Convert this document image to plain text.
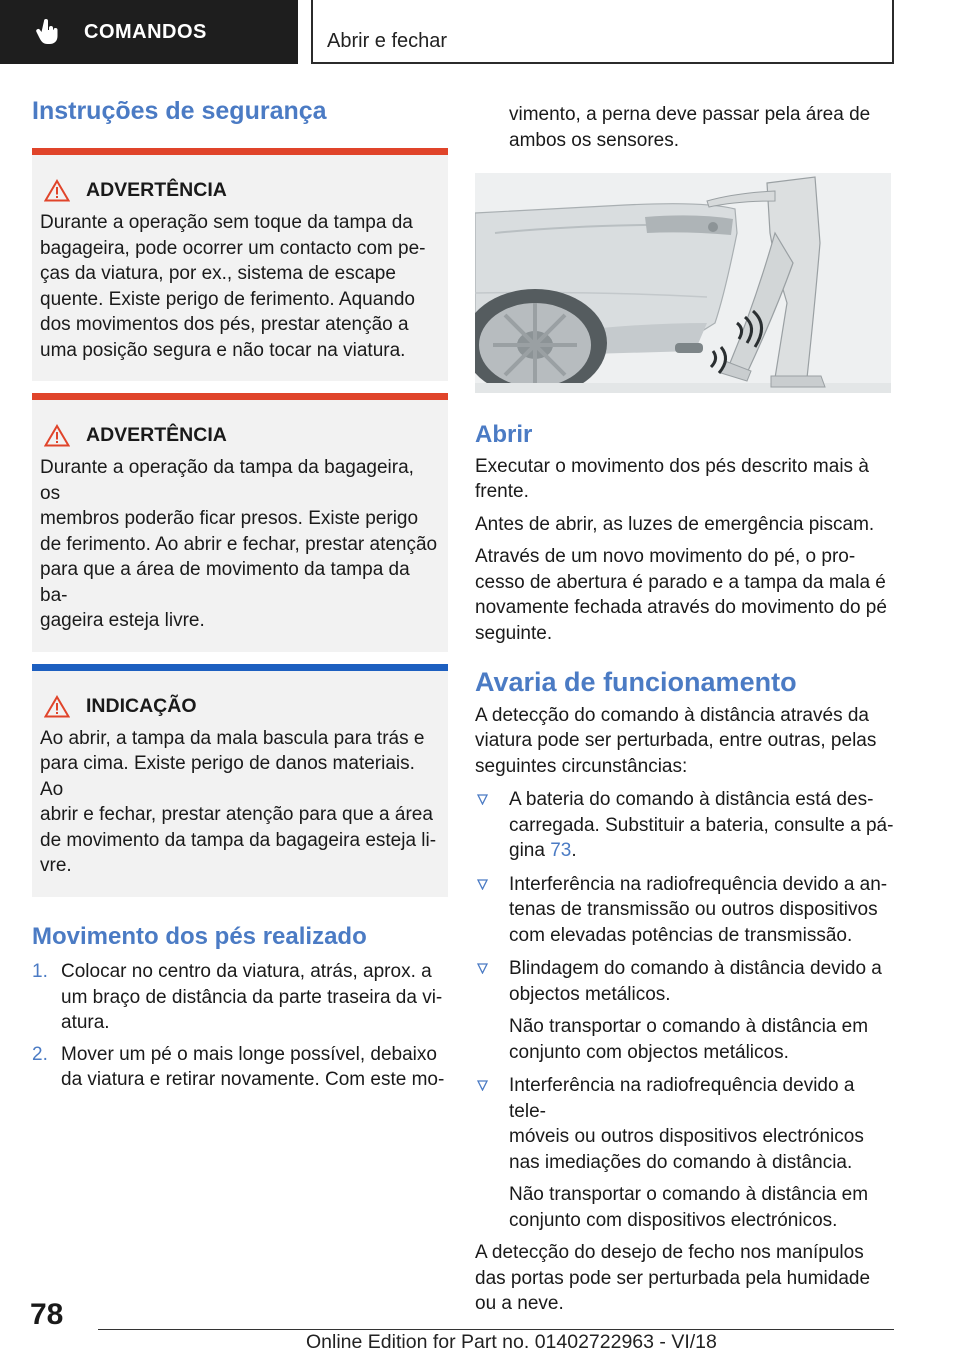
COMANDOS	Abrir e fechar
Instruções de segurança
ADVERTÊNCIA
Durante a operação sem toque da tampa da
bagageira, pode ocorrer um contacto com pe-
ças da viatura, por ex., sistema de escape
quente. Existe perigo de ferimento. Aquando
dos movimentos dos pés, prestar atenção a
uma posição segura e não tocar na viatura.
ADVERTÊNCIA
Durante a operação da tampa da bagageira, os
membros poderão ficar presos. Existe perigo
de ferimento. Ao abrir e fechar, prestar atenção
para que a área de movimento da tampa da ba-
gageira esteja livre.
INDICAÇÃO
Ao abrir, a tampa da mala bascula para trás e
para cima. Existe perigo de danos materiais. Ao
abrir e fechar, prestar atenção para que a área
de movimento da tampa da bagageira esteja li-
vre.
Movimento dos pés realizado
1. Colocar no centro da viatura, atrás, aprox. a
um braço de distância da parte traseira da vi-
atura.
2. Mover um pé o mais longe possível, debaixo
da viatura e retirar novamente. Com este mo-
vimento, a perna deve passar pela área de
ambos os sensores.
Abrir

Executar o movimento dos pés descrito mais à

frente.

Antes de abrir, as luzes de emergência piscam.

Através de um novo movimento do pé, o pro-

cesso de abertura é parado e a tampa da mala é

novamente fechada através do movimento do pé

seguinte.

Avaria de funcionamento

A detecção do comando à distância através da

viatura pode ser perturbada, entre outras, pelas

seguintes circunstâncias:

A bateria do comando à distância está des-
carregada. Substituir a bateria, consulte a pá-
gina 73.
Interferência na radiofrequência devido a an-
tenas de transmissão ou outros dispositivos
com elevadas potências de transmissão.
Blindagem do comando à distância devido a
objectos metálicos.
Não transportar o comando à distância em
conjunto com objectos metálicos.
Interferência na radiofrequência devido a tele-
móveis ou outros dispositivos electrónicos
nas imediações do comando à distância.
Não transportar o comando à distância em
conjunto com dispositivos electrónicos.

A detecção do desejo de fecho nos manípulos

das portas pode ser perturbada pela humidade

ou a neve.

78
Online Edition for Part no. 01402722963 - VI/18
